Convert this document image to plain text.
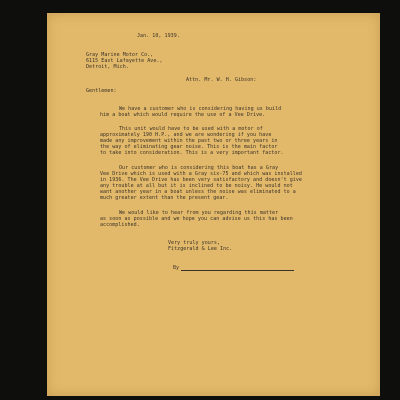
Jan. 10, 1939.
Gray Marine Motor Co.,
6115 East Lafayette Ave.,
Detroit, Mich.
Attn. Mr. W. H. Gibson:
Gentlemen:
We have a customer who is considering having us build
him a boat which would require the use of a Vee Drive.
This unit would have to be used with a motor of
approximately 190 H.P., and we are wondering if you have
made any improvement within the past two or three years in
the way of eliminating gear noise. This is the main factor
to take into consideration. This is a very important factor.
Our customer who is considering this boat has a Gray
Vee Drive which is used with a Gray six-75 and which was installed
in 1936. The Vee Drive has been very satisfactory and doesn't give
any trouble at all but it is inclined to be noisy. He would not
want another year in a boat unless the noise was eliminated to a
much greater extent than the present gear.
We would like to hear from you regarding this matter
as soon as possible and we hope you can advise us this has been
accomplished.
Very truly yours,
Fitzgerald & Lee Inc.
By
